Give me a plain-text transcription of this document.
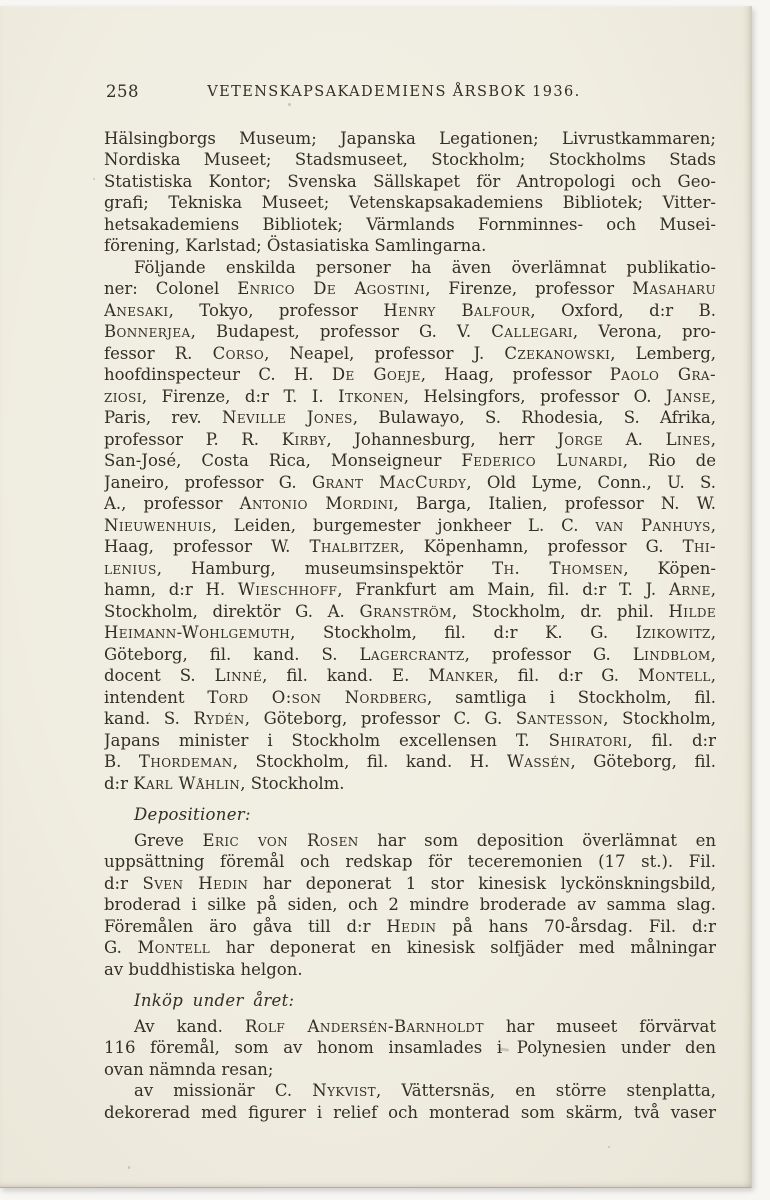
258	VETENSKAPSAKADEMIENS ÅRSBOK 1936.
Hälsingborgs Museum; Japanska Legationen; Livrustkammaren;
Nordiska Museet; Stadsmuseet, Stockholm; Stockholms Stads
Statistiska Kontor; Svenska Sällskapet för Antropologi och Geo-
grafi; Tekniska Museet; Vetenskapsakademiens Bibliotek; Vitter-
hetsakademiens Bibliotek; Värmlands Fornminnes- och Musei-
förening, Karlstad; Östasiatiska Samlingarna.
Följande enskilda personer ha även överlämnat publikatio-
ner: Colonel Enrico De Agostini, Firenze, professor Masaharu
Anesaki, Tokyo, professor Henry Balfour, Oxford, d:r B.
Bonnerjea, Budapest, professor G. V. Callegari, Verona, pro-
fessor R. Corso, Neapel, professor J. Czekanowski, Lemberg,
hoofdinspecteur C. H. De Goeje, Haag, professor Paolo Gra-
ziosi, Firenze, d:r T. I. Itkonen, Helsingfors, professor O. Janse,
Paris, rev. Neville Jones, Bulawayo, S. Rhodesia, S. Afrika,
professor P. R. Kirby, Johannesburg, herr Jorge A. Lines,
San-José, Costa Rica, Monseigneur Federico Lunardi, Rio de
Janeiro, professor G. Grant MacCurdy, Old Lyme, Conn., U. S.
A., professor Antonio Mordini, Barga, Italien, professor N. W.
Nieuwenhuis, Leiden, burgemester jonkheer L. C. van Panhuys,
Haag, professor W. Thalbitzer, Köpenhamn, professor G. Thi-
lenius, Hamburg, museumsinspektör Th. Thomsen, Köpen-
hamn, d:r H. Wieschhoff, Frankfurt am Main, fil. d:r T. J. Arne,
Stockholm, direktör G. A. Granström, Stockholm, dr. phil. Hilde
Heimann-Wohlgemuth, Stockholm, fil. d:r K. G. Izikowitz,
Göteborg, fil. kand. S. Lagercrantz, professor G. Lindblom,
docent S. Linné, fil. kand. E. Manker, fil. d:r G. Montell,
intendent Tord O:son Nordberg, samtliga i Stockholm, fil.
kand. S. Rydén, Göteborg, professor C. G. Santesson, Stockholm,
Japans minister i Stockholm excellensen T. Shiratori, fil. d:r
B. Thordeman, Stockholm, fil. kand. H. Wassén, Göteborg, fil.
d:r Karl Wåhlin, Stockholm.
Depositioner:
Greve Eric von Rosen har som deposition överlämnat en
uppsättning föremål och redskap för teceremonien (17 st.). Fil.
d:r Sven Hedin har deponerat 1 stor kinesisk lyckönskningsbild,
broderad i silke på siden, och 2 mindre broderade av samma slag.
Föremålen äro gåva till d:r Hedin på hans 70-årsdag. Fil. d:r
G. Montell har deponerat en kinesisk solfjäder med målningar
av buddhistiska helgon.
Inköp under året:
Av kand. Rolf Andersén-Barnholdt har museet förvärvat
116 föremål, som av honom insamlades i Polynesien under den
ovan nämnda resan;
av missionär C. Nykvist, Vättersnäs, en större stenplatta,
dekorerad med figurer i relief och monterad som skärm, två vaser
